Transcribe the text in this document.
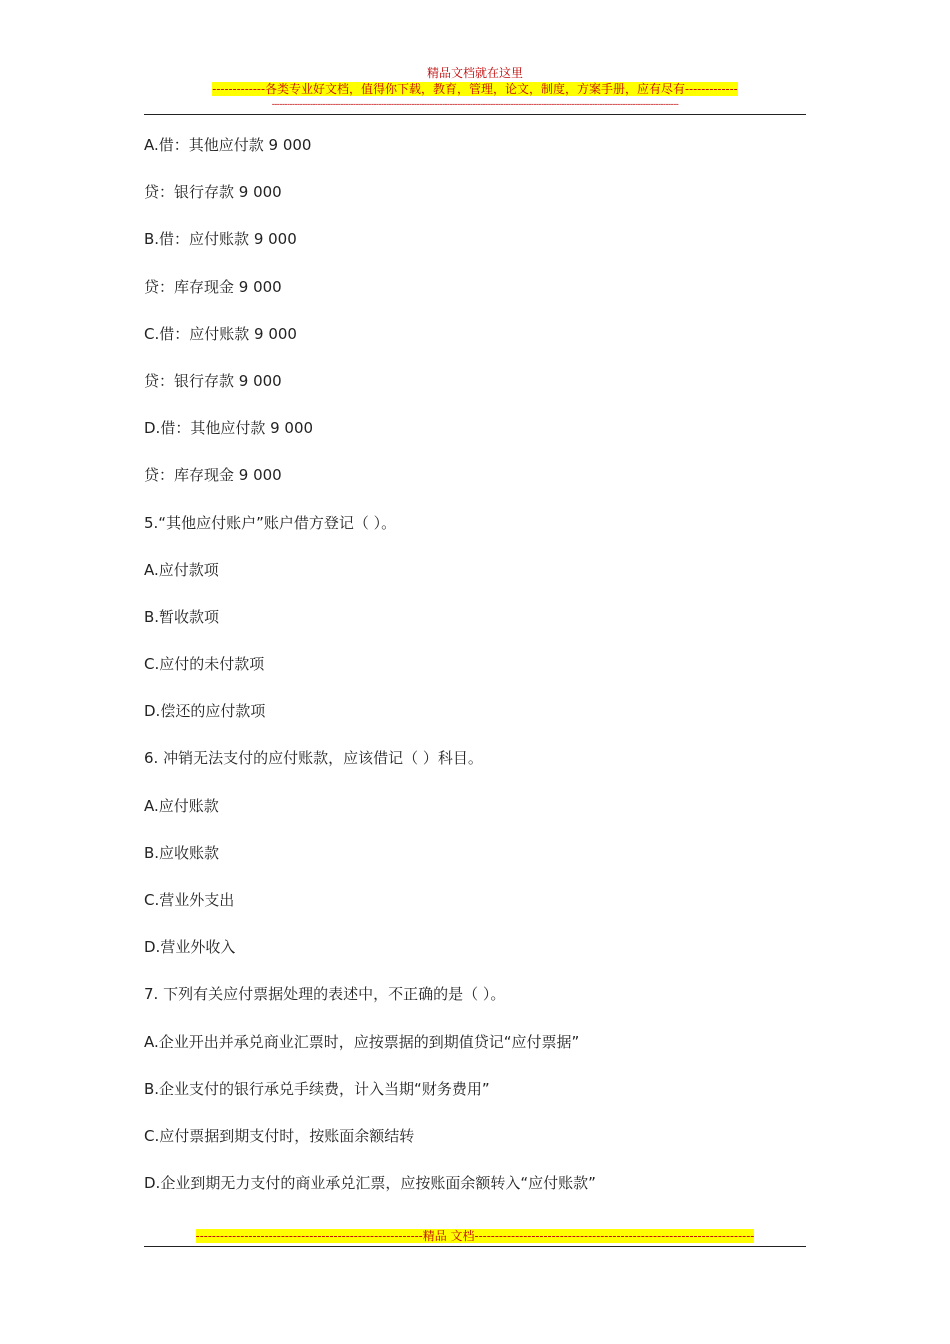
精品文档就在这里
-------------各类专业好文档，值得你下载，教育，管理，论文，制度，方案手册，应有尽有-------------
----------------------------------------------------------------------------------------------------------------------------------------------------------------
A.借：其他应付款 9 000
贷：银行存款 9 000
B.借：应付账款 9 000
贷：库存现金 9 000
C.借：应付账款 9 000
贷：银行存款 9 000
D.借：其他应付款 9 000
贷：库存现金 9 000
5.“其他应付账户”账户借方登记（ ）。
A.应付款项
B.暂收款项
C.应付的未付款项
D.偿还的应付款项
6. 冲销无法支付的应付账款，应该借记（ ）科目。
A.应付账款
B.应收账款
C.营业外支出
D.营业外收入
7. 下列有关应付票据处理的表述中，不正确的是（ ）。
A.企业开出并承兑商业汇票时，应按票据的到期值贷记“应付票据”
B.企业支付的银行承兑手续费，计入当期“财务费用”
C.应付票据到期支付时，按账面余额结转
D.企业到期无力支付的商业承兑汇票，应按账面余额转入“应付账款”
--------------------------------------------------------精品 文档---------------------------------------------------------------------
